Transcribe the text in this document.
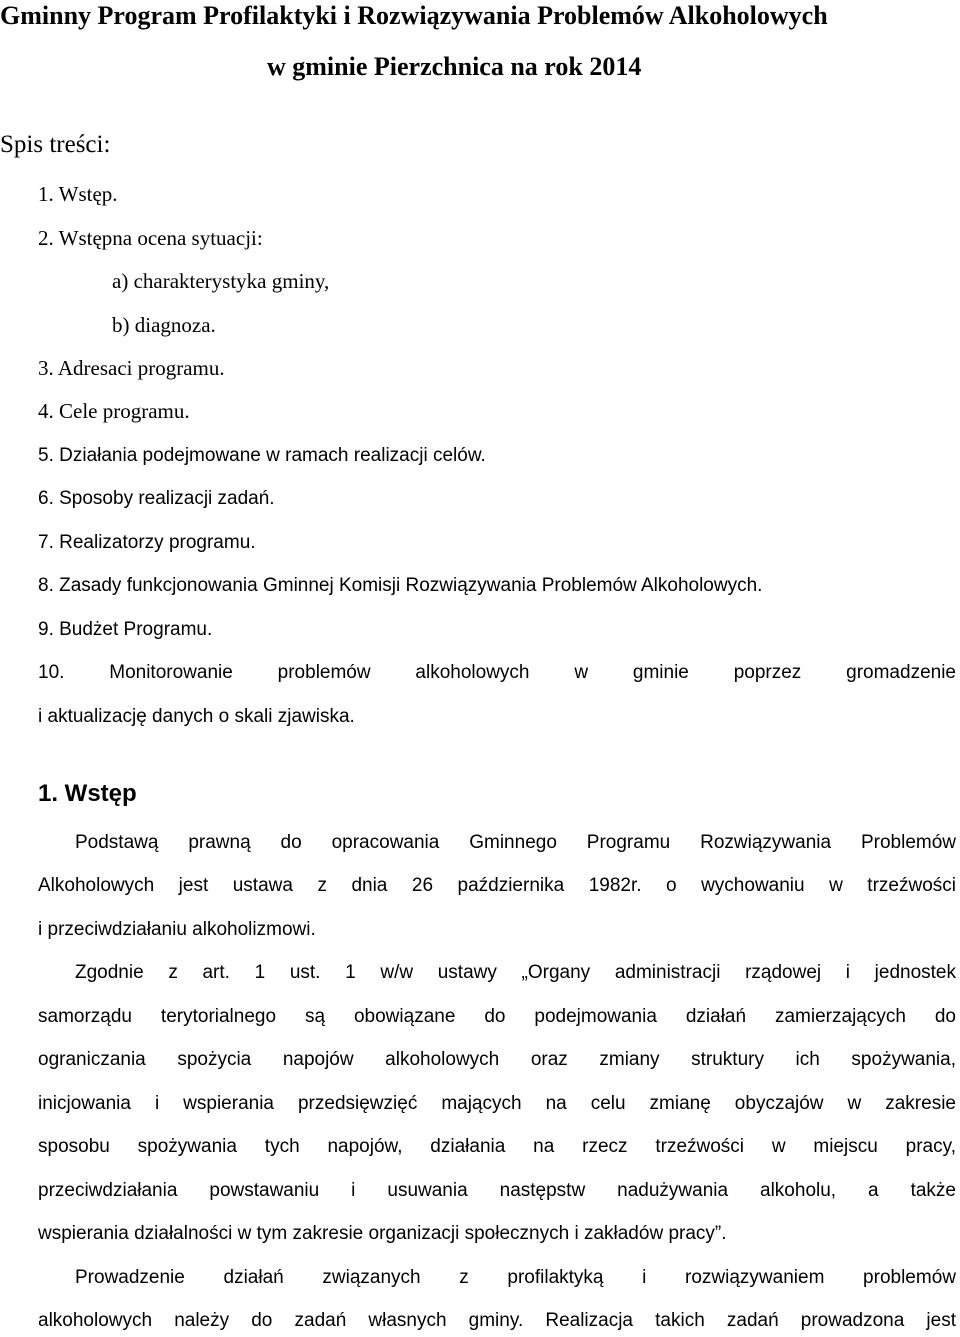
Gminny Program Profilaktyki i Rozwiązywania Problemów Alkoholowych
w gminie Pierzchnica na rok 2014
Spis treści:
1. Wstęp.
2. Wstępna ocena sytuacji:
a) charakterystyka gminy,
b) diagnoza.
3. Adresaci programu.
4. Cele programu.
5. Działania podejmowane w ramach realizacji celów.
6. Sposoby realizacji zadań.
7. Realizatorzy programu.
8. Zasady funkcjonowania Gminnej Komisji Rozwiązywania Problemów Alkoholowych.
9. Budżet Programu.
10. Monitorowanie problemów alkoholowych w gminie poprzez gromadzenie
i aktualizację danych o skali zjawiska.
1. Wstęp
Podstawą prawną do opracowania Gminnego Programu Rozwiązywania Problemów
Alkoholowych jest ustawa z dnia 26 października 1982r. o wychowaniu w trzeźwości
i przeciwdziałaniu alkoholizmowi.
Zgodnie z art. 1 ust. 1 w/w ustawy „Organy administracji rządowej i jednostek
samorządu terytorialnego są obowiązane do podejmowania działań zamierzających do
ograniczania spożycia napojów alkoholowych oraz zmiany struktury ich spożywania,
inicjowania i wspierania przedsięwzięć mających na celu zmianę obyczajów w zakresie
sposobu spożywania tych napojów, działania na rzecz trzeźwości w miejscu pracy,
przeciwdziałania powstawaniu i usuwania następstw nadużywania alkoholu, a także
wspierania działalności w tym zakresie organizacji społecznych i zakładów pracy”.
Prowadzenie działań związanych z profilaktyką i rozwiązywaniem problemów
alkoholowych należy do zadań własnych gminy. Realizacja takich zadań prowadzona jest
